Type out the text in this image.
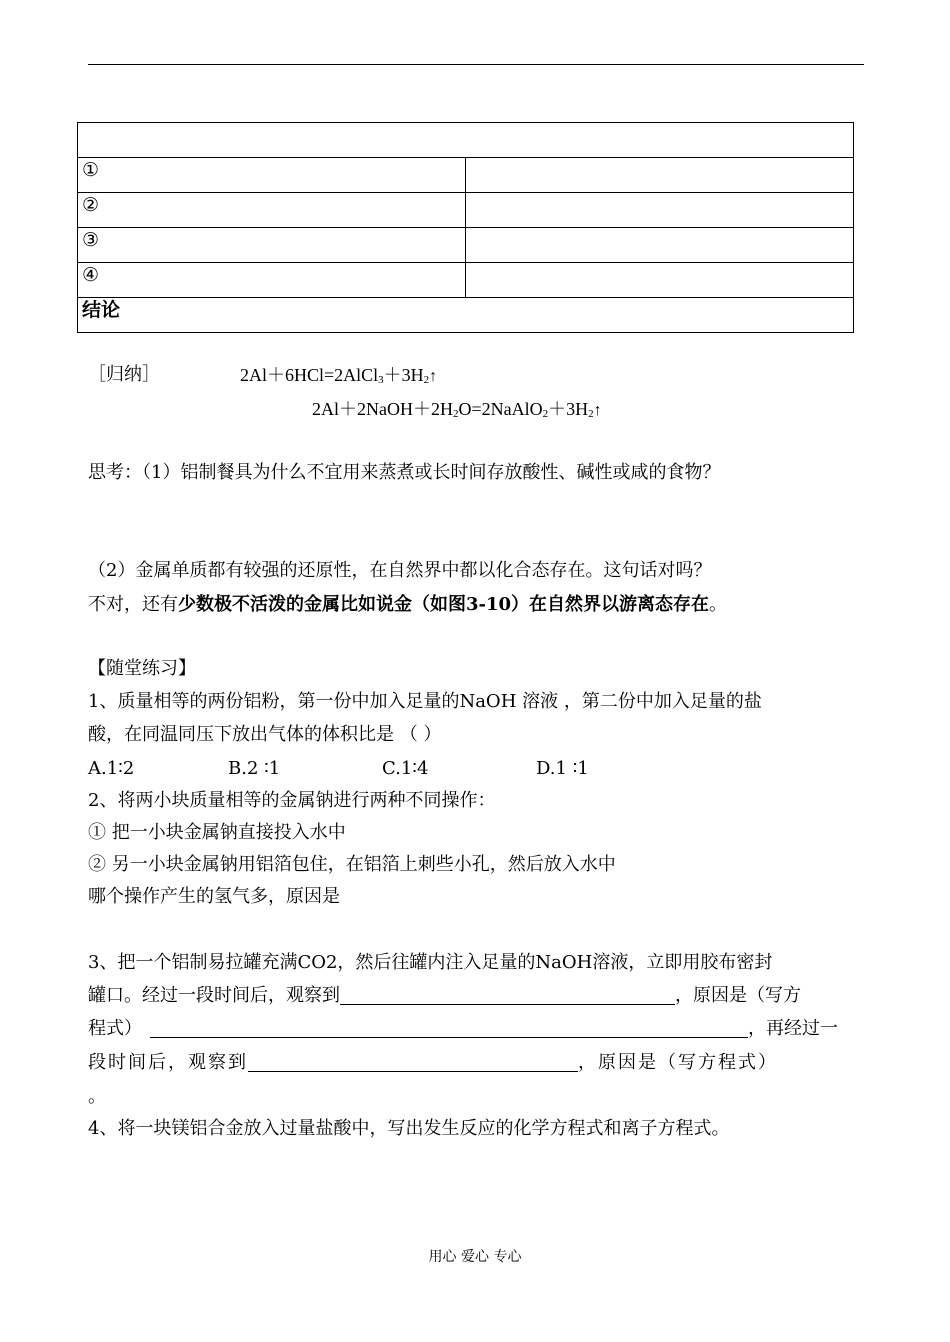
①	
②	
③	
④	
结论	
［归纳］	$2Al+6HCl=2AlCl_3+3H_2↑$
$2Al+2NaOH+2H_2O=2NaAlO_2+3H_2↑$
思考：（1）铝制餐具为什么不宜用来蒸煮或长时间存放酸性、碱性或咸的食物？
（2）金属单质都有较强的还原性，在自然界中都以化合态存在。这句话对吗？
不对，还有少数极不活泼的金属比如说金（如图3-10）在自然界以游离态存在。
【随堂练习】
1、质量相等的两份铝粉，第一份中加入足量的NaOH 溶液 ，第二份中加入足量的盐
酸，在同温同压下放出气体的体积比是 （ ）
A.1∶2	B.2 ∶1	C.1∶4	D.1 ∶1
2、将两小块质量相等的金属钠进行两种不同操作：
① 把一小块金属钠直接投入水中
② 另一小块金属钠用铝箔包住，在铝箔上刺些小孔，然后放入水中
哪个操作产生的氢气多，原因是
3、把一个铝制易拉罐充满CO2，然后往罐内注入足量的NaOH溶液，立即用胶布密封
罐口。经过一段时间后，观察到	，原因是（写方
程式）	，再经过一
段时间后，观察到	，原因是（写方程式）
。
4、将一块镁铝合金放入过量盐酸中，写出发生反应的化学方程式和离子方程式。
用心 爱心 专心
